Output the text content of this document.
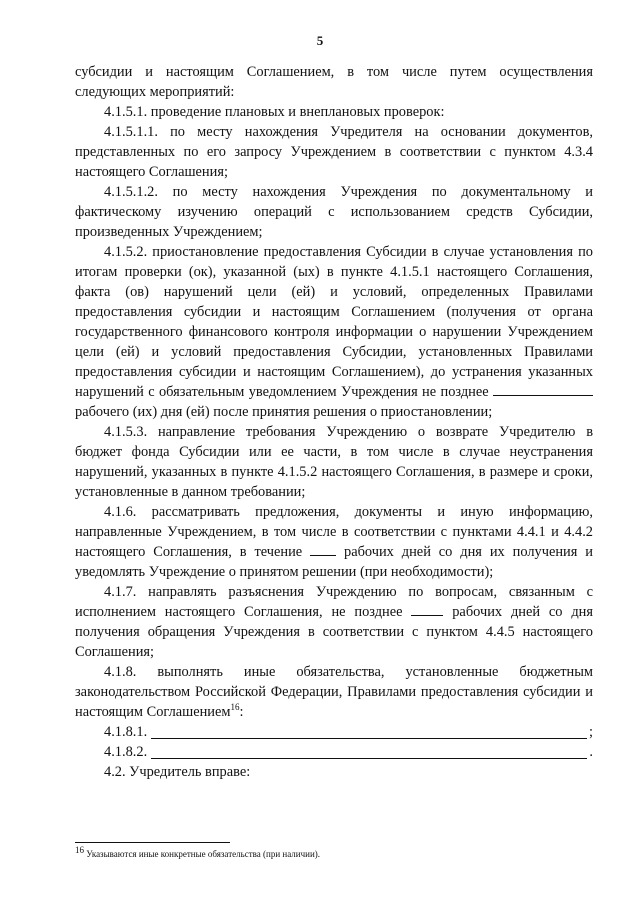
5

субсидии и настоящим Соглашением, в том числе путем осуществления следующих мероприятий:

4.1.5.1. проведение плановых и внеплановых проверок:

4.1.5.1.1. по месту нахождения Учредителя на основании документов, представленных по его запросу Учреждением в соответствии с пунктом 4.3.4 настоящего Соглашения;

4.1.5.1.2. по месту нахождения Учреждения по документальному и фактическому изучению операций с использованием средств Субсидии, произведенных Учреждением;

4.1.5.2. приостановление предоставления Субсидии в случае установления по итогам проверки (ок), указанной (ых) в пункте 4.1.5.1 настоящего Соглашения, факта (ов) нарушений цели (ей) и условий, определенных Правилами предоставления субсидии и настоящим Соглашением (получения от органа государственного финансового контроля информации о нарушении Учреждением цели (ей) и условий предоставления Субсидии, установленных Правилами предоставления субсидии и настоящим Соглашением), до устранения указанных нарушений с обязательным уведомлением Учреждения не позднее  рабочего (их) дня (ей) после принятия решения о приостановлении;

4.1.5.3. направление требования Учреждению о возврате Учредителю в бюджет фонда Субсидии или ее части, в том числе в случае неустранения нарушений, указанных в пункте 4.1.5.2 настоящего Соглашения, в размере и сроки, установленные в данном требовании;

4.1.6. рассматривать предложения, документы и иную информацию, направленные Учреждением, в том числе в соответствии с пунктами 4.4.1 и 4.4.2 настоящего Соглашения, в течение	рабочих дней со дня их получения и уведомлять Учреждение о принятом решении (при необходимости);

4.1.7. направлять разъяснения Учреждению по вопросам, связанным с исполнением настоящего Соглашения, не позднее	рабочих дней со дня получения обращения Учреждения в соответствии с пунктом 4.4.5 настоящего Соглашения;

4.1.8. выполнять иные обязательства, установленные бюджетным законодательством Российской Федерации, Правилами предоставления субсидии и настоящим Соглашением$^{16}$:

4.1.8.1.	;
4.1.8.2.	.

4.2. Учредитель вправе:

$^{16}$ Указываются иные конкретные обязательства (при наличии).
